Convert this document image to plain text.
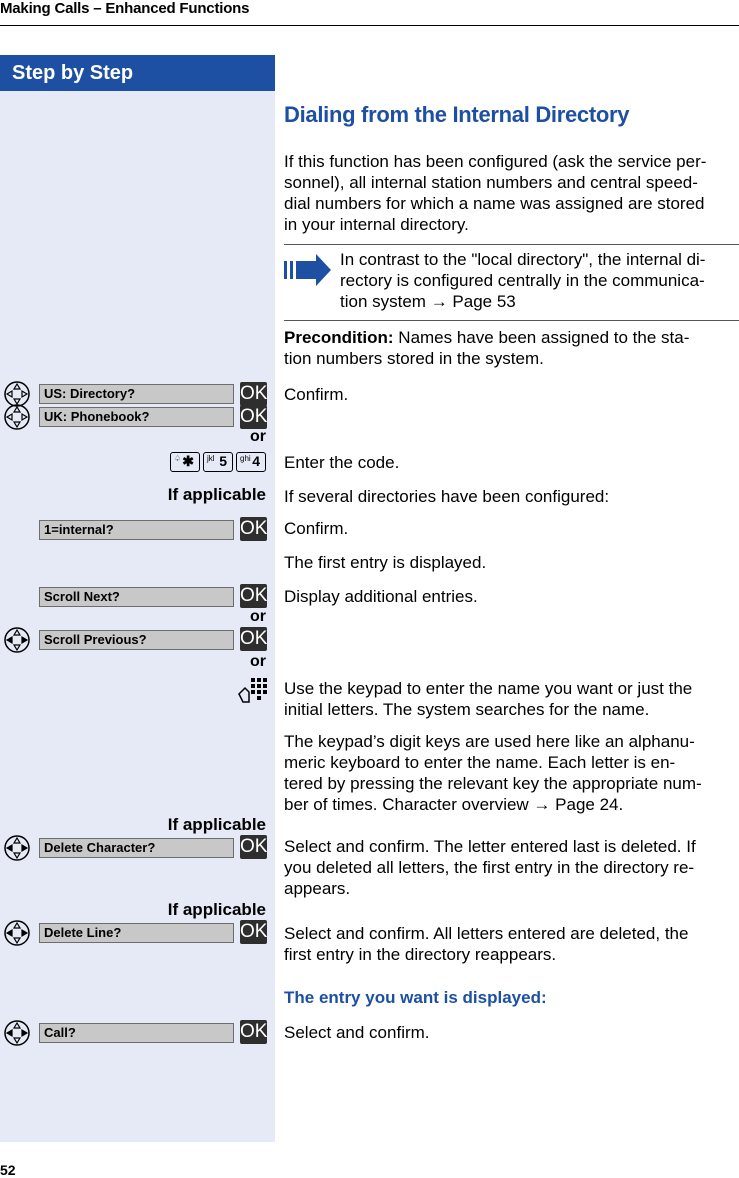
Making Calls – Enhanced Functions
Step by Step
Dialing from the Internal Directory
If this function has been configured (ask the service per-
sonnel), all internal station numbers and central speed-
dial numbers for which a name was assigned are stored
in your internal directory.
In contrast to the "local directory", the internal di-
rectory is configured centrally in the communica-
tion system → Page 53
Precondition: Names have been assigned to the sta-
tion numbers stored in the system.
US: Directory?	OK Confirm.
UK: Phonebook?	OK
or
♤ ✱	jkl 5	ghi 4	Enter the code.
If applicable If several directories have been configured:
1=internal?	OK Confirm.
The first entry is displayed.
Scroll Next?	OK Display additional entries.
or
Scroll Previous?	OK
or
Use the keypad to enter the name you want or just the
initial letters. The system searches for the name.
The keypad’s digit keys are used here like an alphanu-
meric keyboard to enter the name. Each letter is en-
tered by pressing the relevant key the appropriate num-
ber of times. Character overview → Page 24.
If applicable
Delete Character?	OK Select and confirm. The letter entered last is deleted. If
you deleted all letters, the first entry in the directory re-
appears.
If applicable
Delete Line?	OK Select and confirm. All letters entered are deleted, the
first entry in the directory reappears.
The entry you want is displayed:
Call?	OK Select and confirm.
52
